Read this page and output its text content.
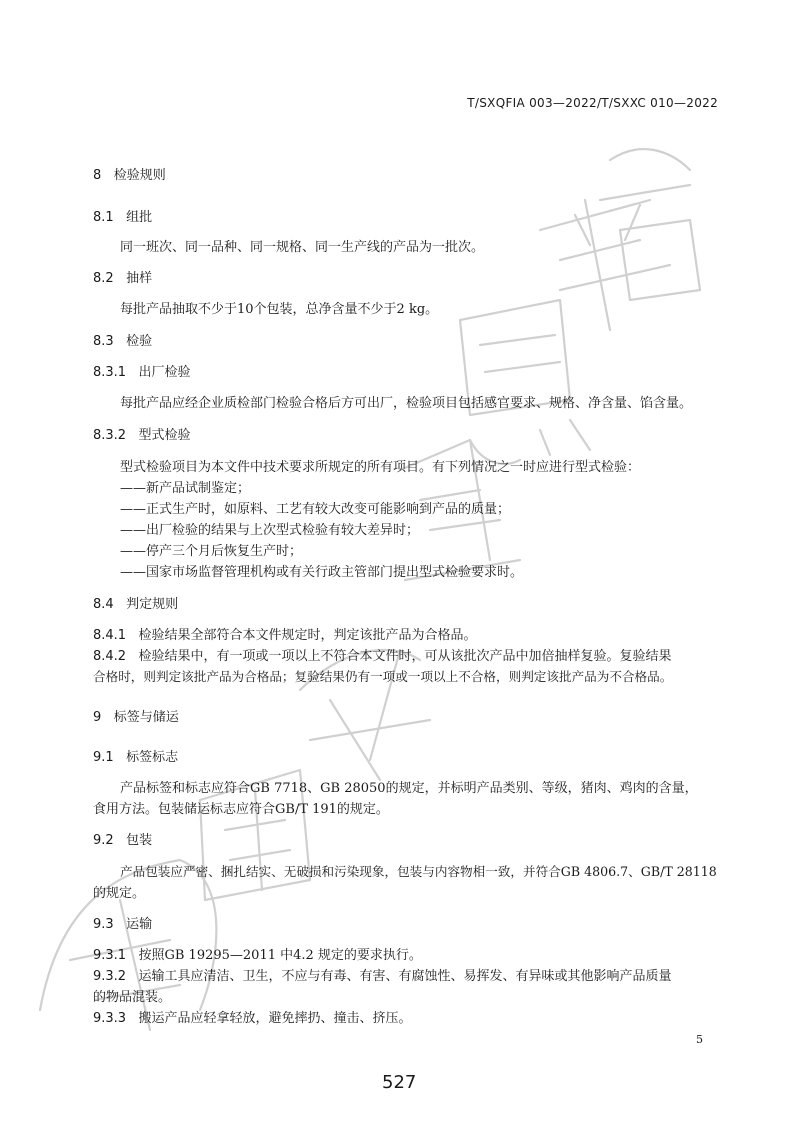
T/SXQFIA 003—2022/T/SXXC 010—2022
8 检验规则
8.1 组批
同一班次、同一品种、同一规格、同一生产线的产品为一批次。
8.2 抽样
每批产品抽取不少于10个包装，总净含量不少于2 kg。
8.3 检验
8.3.1 出厂检验
每批产品应经企业质检部门检验合格后方可出厂，检验项目包括感官要求、规格、净含量、馅含量。
8.3.2 型式检验
型式检验项目为本文件中技术要求所规定的所有项目。有下列情况之一时应进行型式检验：
——新产品试制鉴定；
——正式生产时，如原料、工艺有较大改变可能影响到产品的质量；
——出厂检验的结果与上次型式检验有较大差异时；
——停产三个月后恢复生产时；
——国家市场监督管理机构或有关行政主管部门提出型式检验要求时。
8.4 判定规则
8.4.1 检验结果全部符合本文件规定时，判定该批产品为合格品。
8.4.2 检验结果中，有一项或一项以上不符合本文件时，可从该批次产品中加倍抽样复验。复验结果
合格时，则判定该批产品为合格品；复验结果仍有一项或一项以上不合格，则判定该批产品为不合格品。
9 标签与储运
9.1 标签标志
产品标签和标志应符合GB 7718、GB 28050的规定，并标明产品类别、等级，猪肉、鸡肉的含量，
食用方法。包装储运标志应符合GB/T 191的规定。
9.2 包装
产品包装应严密、捆扎结实、无破损和污染现象，包装与内容物相一致，并符合GB 4806.7、GB/T 28118
的规定。
9.3 运输
9.3.1 按照GB 19295—2011 中4.2 规定的要求执行。
9.3.2 运输工具应清洁、卫生，不应与有毒、有害、有腐蚀性、易挥发、有异味或其他影响产品质量
的物品混装。
9.3.3 搬运产品应轻拿轻放，避免摔扔、撞击、挤压。
5
527
